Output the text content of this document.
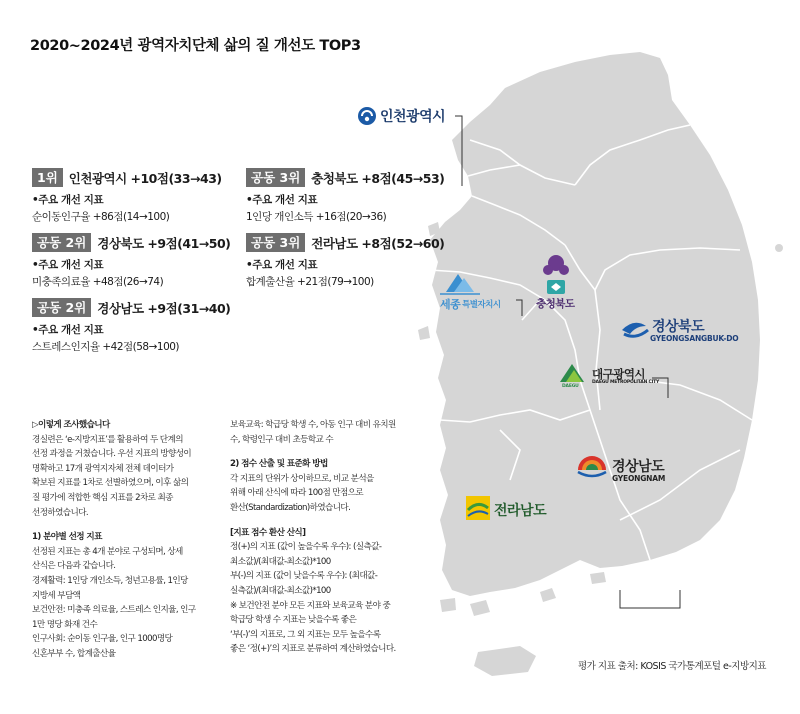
인천광역시
세종 특별자치시	충청북도
경상북도
GYEONGSANGBUK-DO
대구광역시
DAEGU METROPOLITAN CITY
DAEGU
경상남도
GYEONGNAM
전라남도
2020~2024년 광역자치단체 삶의 질 개선도 TOP3
1위 인천광역시 +10점(33→43)
•주요 개선 지표
순이동인구율 +86점(14→100)
공동 2위 경상북도 +9점(41→50)
•주요 개선 지표
미충족의료율 +48점(26→74)
공동 2위 경상남도 +9점(31→40)
•주요 개선 지표
스트레스인지율 +42점(58→100)
공동 3위 충청북도 +8점(45→53)
•주요 개선 지표
1인당 개인소득 +16점(20→36)
공동 3위 전라남도 +8점(52→60)
•주요 개선 지표
합계출산율 +21점(79→100)
▷이렇게 조사했습니다
경실련은 ‘e-지방지표’를 활용하여 두 단계의
선정 과정을 거쳤습니다. 우선 지표의 방향성이
명확하고 17개 광역지자체 전체 데이터가
확보된 지표를 1차로 선별하였으며, 이후 삶의
질 평가에 적합한 핵심 지표를 2차로 최종
선정하였습니다.
1) 분야별 선정 지표
선정된 지표는 총 4개 분야로 구성되며, 상세
산식은 다음과 같습니다.
경제활력: 1인당 개인소득, 청년고용률, 1인당
지방세 부담액
보건안전: 미충족 의료율, 스트레스 인지율, 인구
1만 명당 화재 건수
인구사회: 순이동 인구율, 인구 1000명당
신혼부부 수, 합계출산율
보육교육: 학급당 학생 수, 아동 인구 대비 유치원
수, 학령인구 대비 초등학교 수
2) 점수 산출 및 표준화 방법
각 지표의 단위가 상이하므로, 비교 분석을
위해 아래 산식에 따라 100점 만점으로
환산(Standardization)하였습니다.
[지표 점수 환산 산식]
정(+)의 지표 (값이 높을수록 우수): (실측값-
최소값)/(최대값-최소값)*100
부(-)의 지표 (값이 낮을수록 우수): (최대값-
실측값)/(최대값-최소값)*100
※ 보건안전 분야 모든 지표와 보육교육 분야 중
학급당 학생 수 지표는 낮을수록 좋은
‘부(-)’의 지표로, 그 외 지표는 모두 높을수록
좋은 ‘정(+)’의 지표로 분류하여 계산하였습니다.
평가 지표 출처: KOSIS 국가통계포털 e-지방지표
